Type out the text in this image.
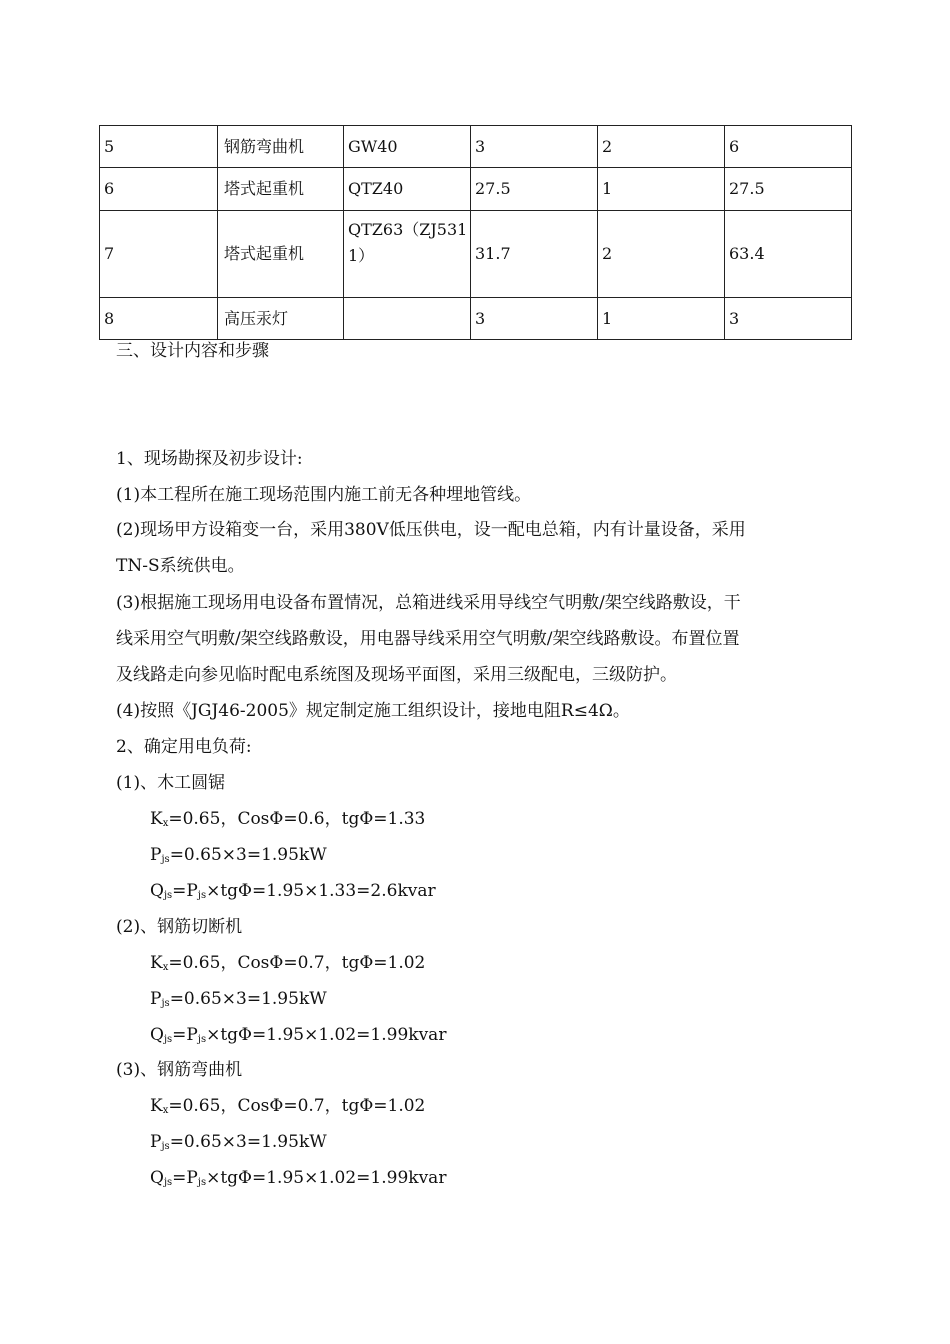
5	钢筋弯曲机	GW40	3	2	6
6	塔式起重机	QTZ40	27.5	1	27.5
7	塔式起重机	QTZ63（ZJ5311）	31.7	2	63.4
8	高压汞灯		3	1	3
三、设计内容和步骤
1、现场勘探及初步设计:
(1)本工程所在施工现场范围内施工前无各种埋地管线。
(2)现场甲方设箱变一台，采用380V低压供电，设一配电总箱，内有计量设备，采用
TN-S系统供电。
(3)根据施工现场用电设备布置情况，总箱进线采用导线空气明敷/架空线路敷设，干
线采用空气明敷/架空线路敷设，用电器导线采用空气明敷/架空线路敷设。布置位置
及线路走向参见临时配电系统图及现场平面图，采用三级配电，三级防护。
(4)按照《JGJ46-2005》规定制定施工组织设计，接地电阻R≤4Ω。
2、确定用电负荷:
(1)、木工圆锯
$K_x=0.65$，CosΦ=0.6，tgΦ=1.33
$P_{js}=0.65\times 3=1.95kW$
$Q_{js}=P_{js}\times tg\Phi=1.95\times 1.33=2.6kvar$
(2)、钢筋切断机
$K_x=0.65$，CosΦ=0.7，tgΦ=1.02
$P_{js}=0.65\times 3=1.95kW$
$Q_{js}=P_{js}\times tg\Phi=1.95\times 1.02=1.99kvar$
(3)、钢筋弯曲机
$K_x=0.65$，CosΦ=0.7，tgΦ=1.02
$P_{js}=0.65\times 3=1.95kW$
$Q_{js}=P_{js}\times tg\Phi=1.95\times 1.02=1.99kvar$
